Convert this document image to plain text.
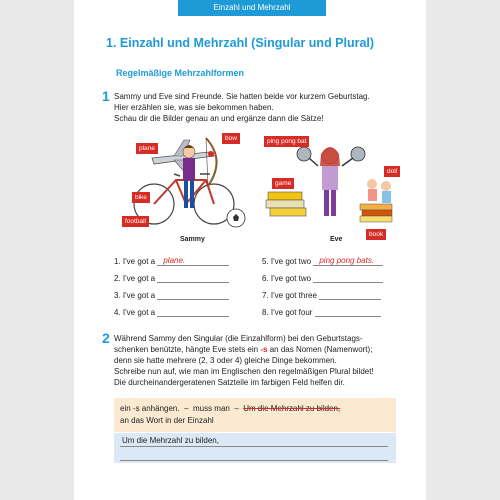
Einzahl und Mehrzahl
1. Einzahl und Mehrzahl (Singular und Plural)
Regelmäßige Mehrzahlformen
1 Sammy und Eve sind Freunde. Sie hatten beide vor kurzem Geburtstag.
Hier erzählen sie, was sie bekommen haben.
Schau dir die Bilder genau an und ergänze dann die Sätze!
plane
bow
bike
football
Sammy
ping pong bat
game
doll
book
Eve
1. I've got a plane.
2. I've got a
3. I've got a
4. I've got a
5. I've got two ping pong bats.
6. I've got two
7. I've got three
8. I've got four
2 Während Sammy den Singular (die Einzahlform) bei den Geburtstags-
schenken benützte, hängte Eve stets ein -s an das Nomen (Namenwort);
denn sie hatte mehrere (2, 3 oder 4) gleiche Dinge bekommen.
Schreibe nun auf, wie man im Englischen den regelmäßigen Plural bildet!
Die durcheinandergeratenen Satzteile im farbigen Feld helfen dir.
ein -s anhängen. – muss man – Um die Mehrzahl zu bilden,
an das Wort in der Einzahl
Um die Mehrzahl zu bilden,
